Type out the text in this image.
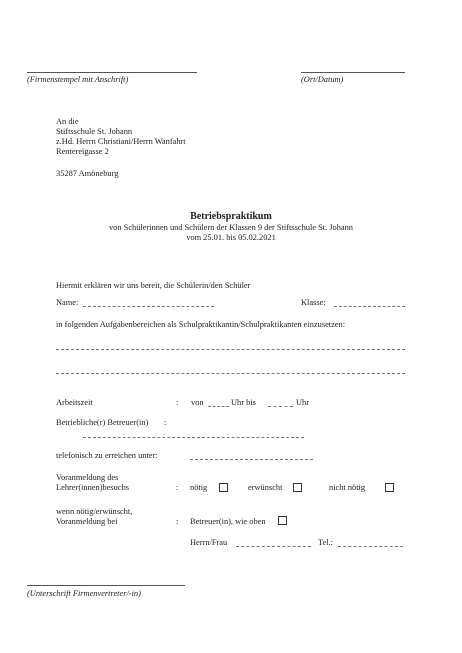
(Firmenstempel mit Anschrift)	(Ort/Datum)
An die
Stiftsschule St. Johann
z.Hd. Herrn Christiani/Herrn Wanfahrt
Rentereigasse 2
35287 Amöneburg
Betriebspraktikum
von Schülerinnen und Schülern der Klassen 9 der Stiftsschule St. Johann
vom 25.01. bis 05.02.2021
Hiermit erklären wir uns bereit, die Schülerin/den Schüler
Name:	Klasse:
in folgenden Aufgabenbereichen als Schulpraktikantin/Schulpraktikanten einzusetzen:
Arbeitszeit	: von	Uhr bis	Uhr
Betriebliche(r) Betreuer(in) :
telefonisch zu erreichen unter:
Voranmeldung des
Lehrer(innen)besuchs	: nötig	erwünscht	nicht nötig
wenn nötig/erwünscht,
Voranmeldung bei	: Betreuer(in), wie oben
Herrn/Frau	Tel.:
(Unterschrift Firmenvertreter/-in)
